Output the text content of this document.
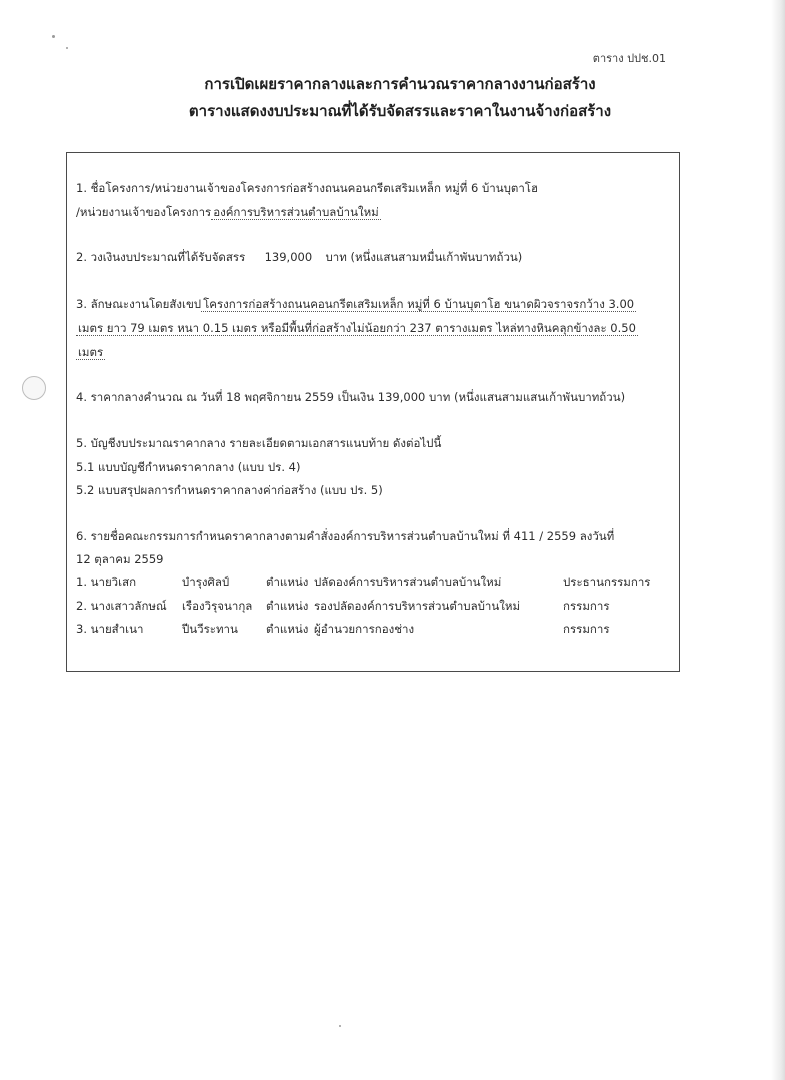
ตาราง ปปช.01
การเปิดเผยราคากลางและการคำนวณราคากลางงานก่อสร้าง
ตารางแสดงงบประมาณที่ได้รับจัดสรรและราคาในงานจ้างก่อสร้าง
1. ชื่อโครงการ/หน่วยงานเจ้าของโครงการก่อสร้างถนนคอนกรีตเสริมเหล็ก หมู่ที่ 6 บ้านบุตาโฮ
/หน่วยงานเจ้าของโครงการ องค์การบริหารส่วนตำบลบ้านใหม่
2. วงเงินงบประมาณที่ได้รับจัดสรร 139,000 บาท (หนึ่งแสนสามหมื่นเก้าพันบาทถ้วน)
3. ลักษณะงานโดยสังเขป โครงการก่อสร้างถนนคอนกรีตเสริมเหล็ก หมู่ที่ 6 บ้านบุตาโฮ ขนาดผิวจราจรกว้าง 3.00
เมตร ยาว 79 เมตร หนา 0.15 เมตร หรือมีพื้นที่ก่อสร้างไม่น้อยกว่า 237 ตารางเมตร ไหล่ทางหินคลุกข้างละ 0.50
เมตร
4. ราคากลางคำนวณ ณ วันที่ 18 พฤศจิกายน 2559 เป็นเงิน 139,000 บาท (หนึ่งแสนสามแสนเก้าพันบาทถ้วน)
5. บัญชีงบประมาณราคากลาง รายละเอียดตามเอกสารแนบท้าย ดังต่อไปนี้
5.1 แบบบัญชีกำหนดราคากลาง (แบบ ปร. 4)
5.2 แบบสรุปผลการกำหนดราคากลางค่าก่อสร้าง (แบบ ปร. 5)
6. รายชื่อคณะกรรมการกำหนดราคากลางตามคำสั่งองค์การบริหารส่วนตำบลบ้านใหม่ ที่ 411 / 2559 ลงวันที่
12 ตุลาคม 2559
1. นายวิเสก	บำรุงศิลป์	ตำแหน่ง ปลัดองค์การบริหารส่วนตำบลบ้านใหม่	ประธานกรรมการ
2. นางเสาวลักษณ์ เรืองวิรุจนากุล ตำแหน่ง รองปลัดองค์การบริหารส่วนตำบลบ้านใหม่	กรรมการ
3. นายสำเนา	ปีนวีระทาน ตำแหน่ง ผู้อำนวยการกองช่าง	กรรมการ
